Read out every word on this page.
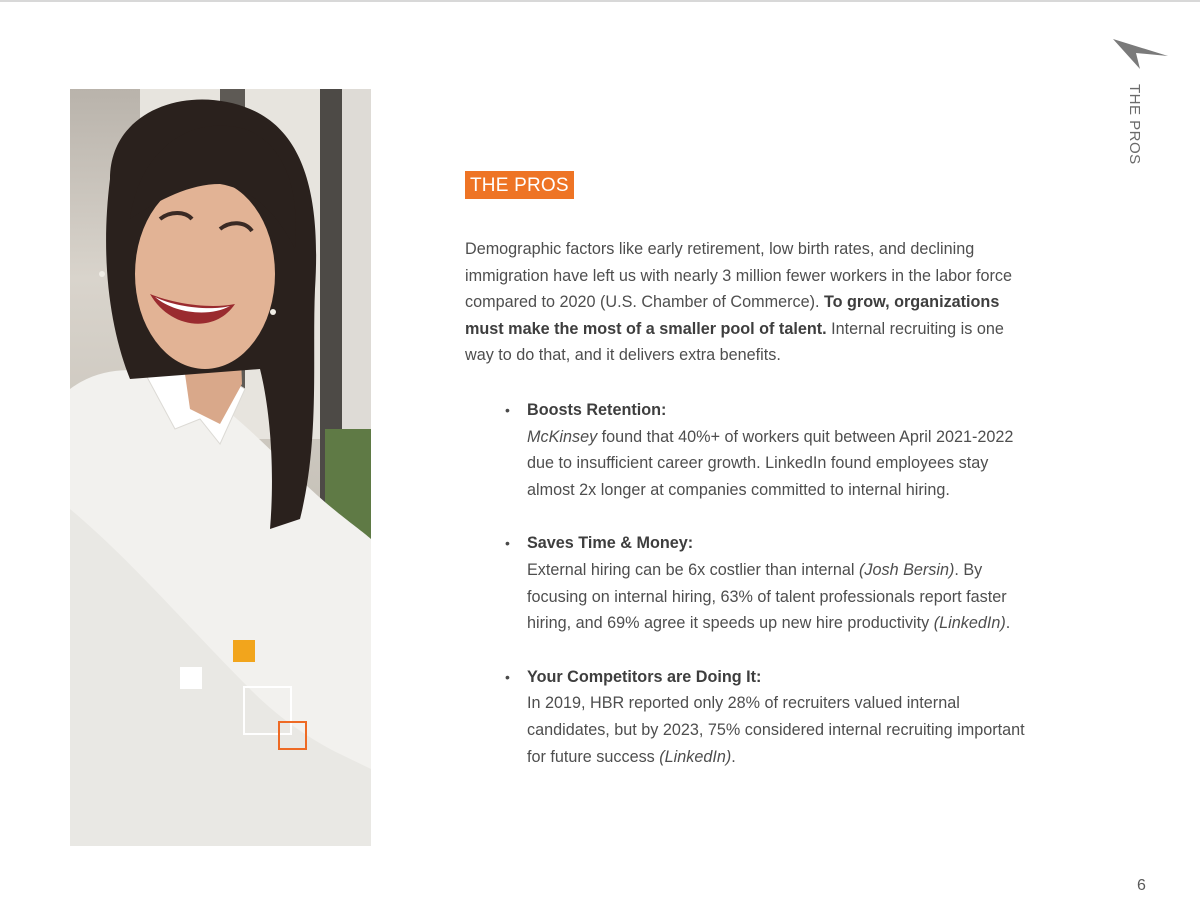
THE PROS
THE PROS
Demographic factors like early retirement, low birth rates, and declining immigration have left us with nearly 3 million fewer workers in the labor force compared to 2020 (U.S. Chamber of Commerce). To grow, organizations must make the most of a smaller pool of talent. Internal recruiting is one way to do that, and it delivers extra benefits.
• Boosts Retention:
McKinsey found that 40%+ of workers quit between April 2021-2022 due to insufficient career growth. LinkedIn found employees stay almost 2x longer at companies committed to internal hiring.
• Saves Time & Money:
External hiring can be 6x costlier than internal (Josh Bersin). By focusing on internal hiring, 63% of talent professionals report faster hiring, and 69% agree it speeds up new hire productivity (LinkedIn).
• Your Competitors are Doing It:
In 2019, HBR reported only 28% of recruiters valued internal candidates, but by 2023, 75% considered internal recruiting important for future success (LinkedIn).
6
